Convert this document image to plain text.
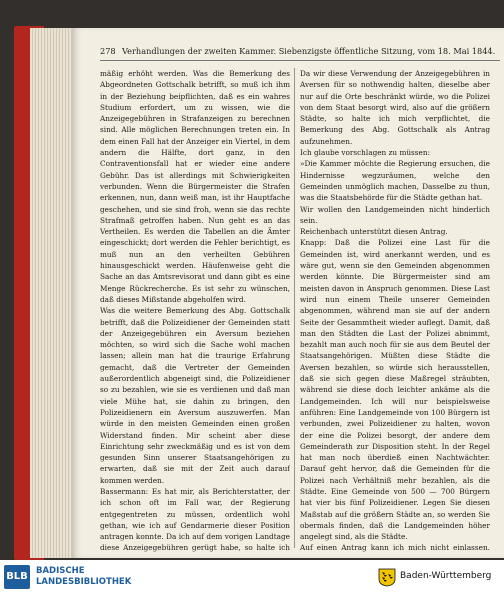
278 Verhandlungen der zweiten Kammer. Siebenzigste öffentliche Sitzung, vom 18. Mai 1844.
mäßig erhöht werden. Was die Bemerkung des Abgeordneten Gottschalk betrifft, so muß ich ihm in der Beziehung beipflichten, daß es ein wahres Studium erfordert, um zu wissen, wie die Anzeigegebühren in Strafanzeigen zu berechnen sind. Alle möglichen Berechnungen treten ein. In dem einen Fall hat der Anzeiger ein Viertel, in dem andern die Hälfte, dort ganz, in den Contraventionsfall hat er wieder eine andere Gebühr. Das ist allerdings mit Schwierigkeiten verbunden. Wenn die Bürgermeister die Strafen erkennen, nun, dann weiß man, ist ihr Hauptfache geschehen, und sie sind froh, wenn sie das rechte Strafmaß getroffen haben. Nun geht es an das Vertheilen. Es werden die Tabellen an die Ämter eingeschickt; dort werden die Fehler berichtigt, es muß nun an den verheilten Gebühren hinausgeschickt werden. Häufenweise geht die Sache an das Amtsrevisorat und dann gibt es eine Menge Rückrecherche. Es ist sehr zu wünschen, daß dieses Mißstande abgeholfen wird.
Was die weitere Bemerkung des Abg. Gottschalk betrifft, daß die Polizeidiener der Gemeinden statt der Anzeigegebühren ein Aversum beziehen möchten, so wird sich die Sache wohl machen lassen; allein man hat die traurige Erfahrung gemacht, daß die Vertreter der Gemeinden außerordentlich abgeneigt sind, die Polizeidiener so zu bezahlen, wie sie es verdienen und daß man viele Mühe hat, sie dahin zu bringen, den Polizeidienern ein Aversum auszuwerfen. Man würde in den meisten Gemeinden einen großen Widerstand finden. Mir scheint aber diese Einrichtung sehr zweckmäßig und es ist von dem gesunden Sinn unserer Staatsangehörigen zu erwarten, daß sie mit der Zeit auch darauf kommen werden.
Bassermann: Es hat mir, als Berichterstatter, der ich schon oft im Fall war, der Regierung entgegentreten zu müssen, ordentlich wohl gethan, wie ich auf Gendarmerie dieser Position antragen konnte. Da ich auf dem vorigen Landtage diese Anzeigegebühren gerügt habe, so halte ich
Da wir diese Verwendung der Anzeigegebühren in Aversen für so nothwendig halten, dieselbe aber nur auf die Orte beschränkt würde, wo die Polizei von dem Staat besorgt wird, also auf die größern Städte, so halte ich mich verpflichtet, die Bemerkung des Abg. Gottschalk als Antrag aufzunehmen.
Ich glaube vorschlagen zu müssen:
»Die Kammer möchte die Regierung ersuchen, die Hindernisse wegzuräumen, welche den Gemeinden unmöglich machen, Dasselbe zu thun, was die Staatsbehörde für die Städte gethan hat.
Wir wollen den Landgemeinden nicht hinderlich sein.
Reichenbach unterstützt diesen Antrag.
Knapp: Daß die Polizei eine Last für die Gemeinden ist, wird anerkannt werden, und es wäre gut, wenn sie den Gemeinden abgenommen werden könnte. Die Bürgermeister sind am meisten davon in Anspruch genommen. Diese Last wird nun einem Theile unserer Gemeinden abgenommen, während man sie auf der andern Seite der Gesammtheit wieder auflegt. Damit, daß man den Städten die Last der Polizei abnimmt, bezahlt man auch noch für sie aus dem Beutel der Staatsangehörigen. Müßten diese Städte die Aversen bezahlen, so würde sich herausstellen, daß sie sich gegen diese Maßregel sträubten, während sie diese doch leichter ankäme als die Landgemeinden. Ich will nur beispielsweise anführen: Eine Landgemeinde von 100 Bürgern ist verbunden, zwei Polizeidiener zu halten, wovon der eine die Polizei besorgt, der andere dem Gemeinderath zur Disposition steht. In der Regel hat man noch überdieß einen Nachtwächter. Darauf geht hervor, daß die Gemeinden für die Polizei nach Verhältniß mehr bezahlen, als die Städte. Eine Gemeinde von 500 — 700 Bürgern hat vier bis fünf Polizeidiener. Legen Sie diesen Maßstab auf die größern Städte an, so werden Sie obermals finden, daß die Landgemeinden höher angelegt sind, als die Städte.
Auf einen Antrag kann ich mich nicht einlassen.
BLB BADISCHE
LANDESBIBLIOTHEK
Baden-Württemberg
